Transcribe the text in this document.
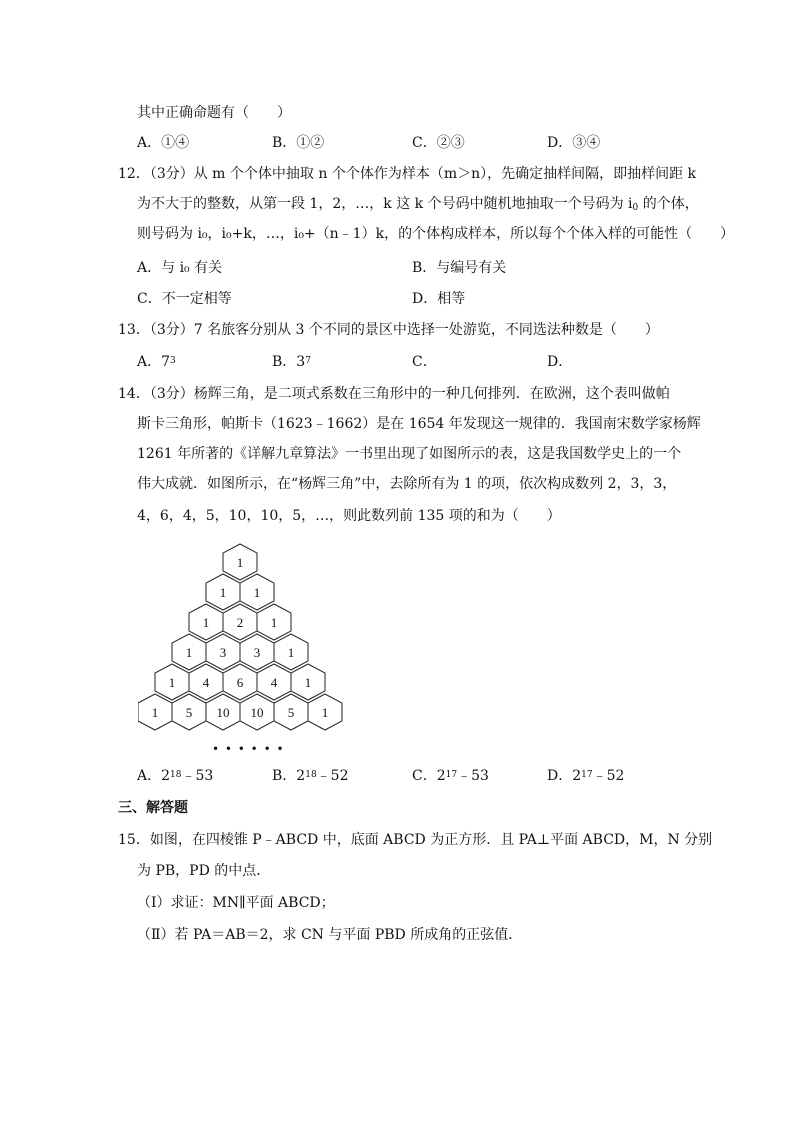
其中正确命题有（　　）
A．①④	B．①②	C．②③	D．③④
12．（3分）从 m 个个体中抽取 n 个个体作为样本（m＞n），先确定抽样间隔，即抽样间距 k
为不大于的整数，从第一段 1，2，…，k 这 k 个号码中随机地抽取一个号码为 $i_0$ 的个体，
则号码为 i₀，i₀+k，…，i₀+（n﹣1）k，的个体构成样本，所以每个个体入样的可能性（　　）
A．与 i₀ 有关	B．与编号有关
C．不一定相等	D．相等
13．（3分）7 名旅客分别从 3 个不同的景区中选择一处游览，不同选法种数是（　　）
A．$7^3$	B．$3^7$	C．	D．
14．（3分）杨辉三角，是二项式系数在三角形中的一种几何排列．在欧洲，这个表叫做帕
斯卡三角形，帕斯卡（1623﹣1662）是在 1654 年发现这一规律的．我国南宋数学家杨辉
1261 年所著的《详解九章算法》一书里出现了如图所示的表，这是我国数学史上的一个
伟大成就．如图所示，在“杨辉三角”中，去除所有为 1 的项，依次构成数列 2，3，3，
4，6，4，5，10，10，5，…，则此数列前 135 项的和为（　　）
1
1 1
1 2 1
1 3 3 1
1 4 6 4 1
1 5 10 10 5 1
• • • • • •
A．$2^{18}﹣53$	B．$2^{18}﹣52$	C．$2^{17}﹣53$	D．$2^{17}﹣52$
三、解答题
15．如图，在四棱锥 P﹣ABCD 中，底面 ABCD 为正方形．且 PA⊥平面 ABCD，M，N 分别
为 PB，PD 的中点．
（Ⅰ）求证：MN∥平面 ABCD；
（Ⅱ）若 PA＝AB＝2，求 CN 与平面 PBD 所成角的正弦值．
